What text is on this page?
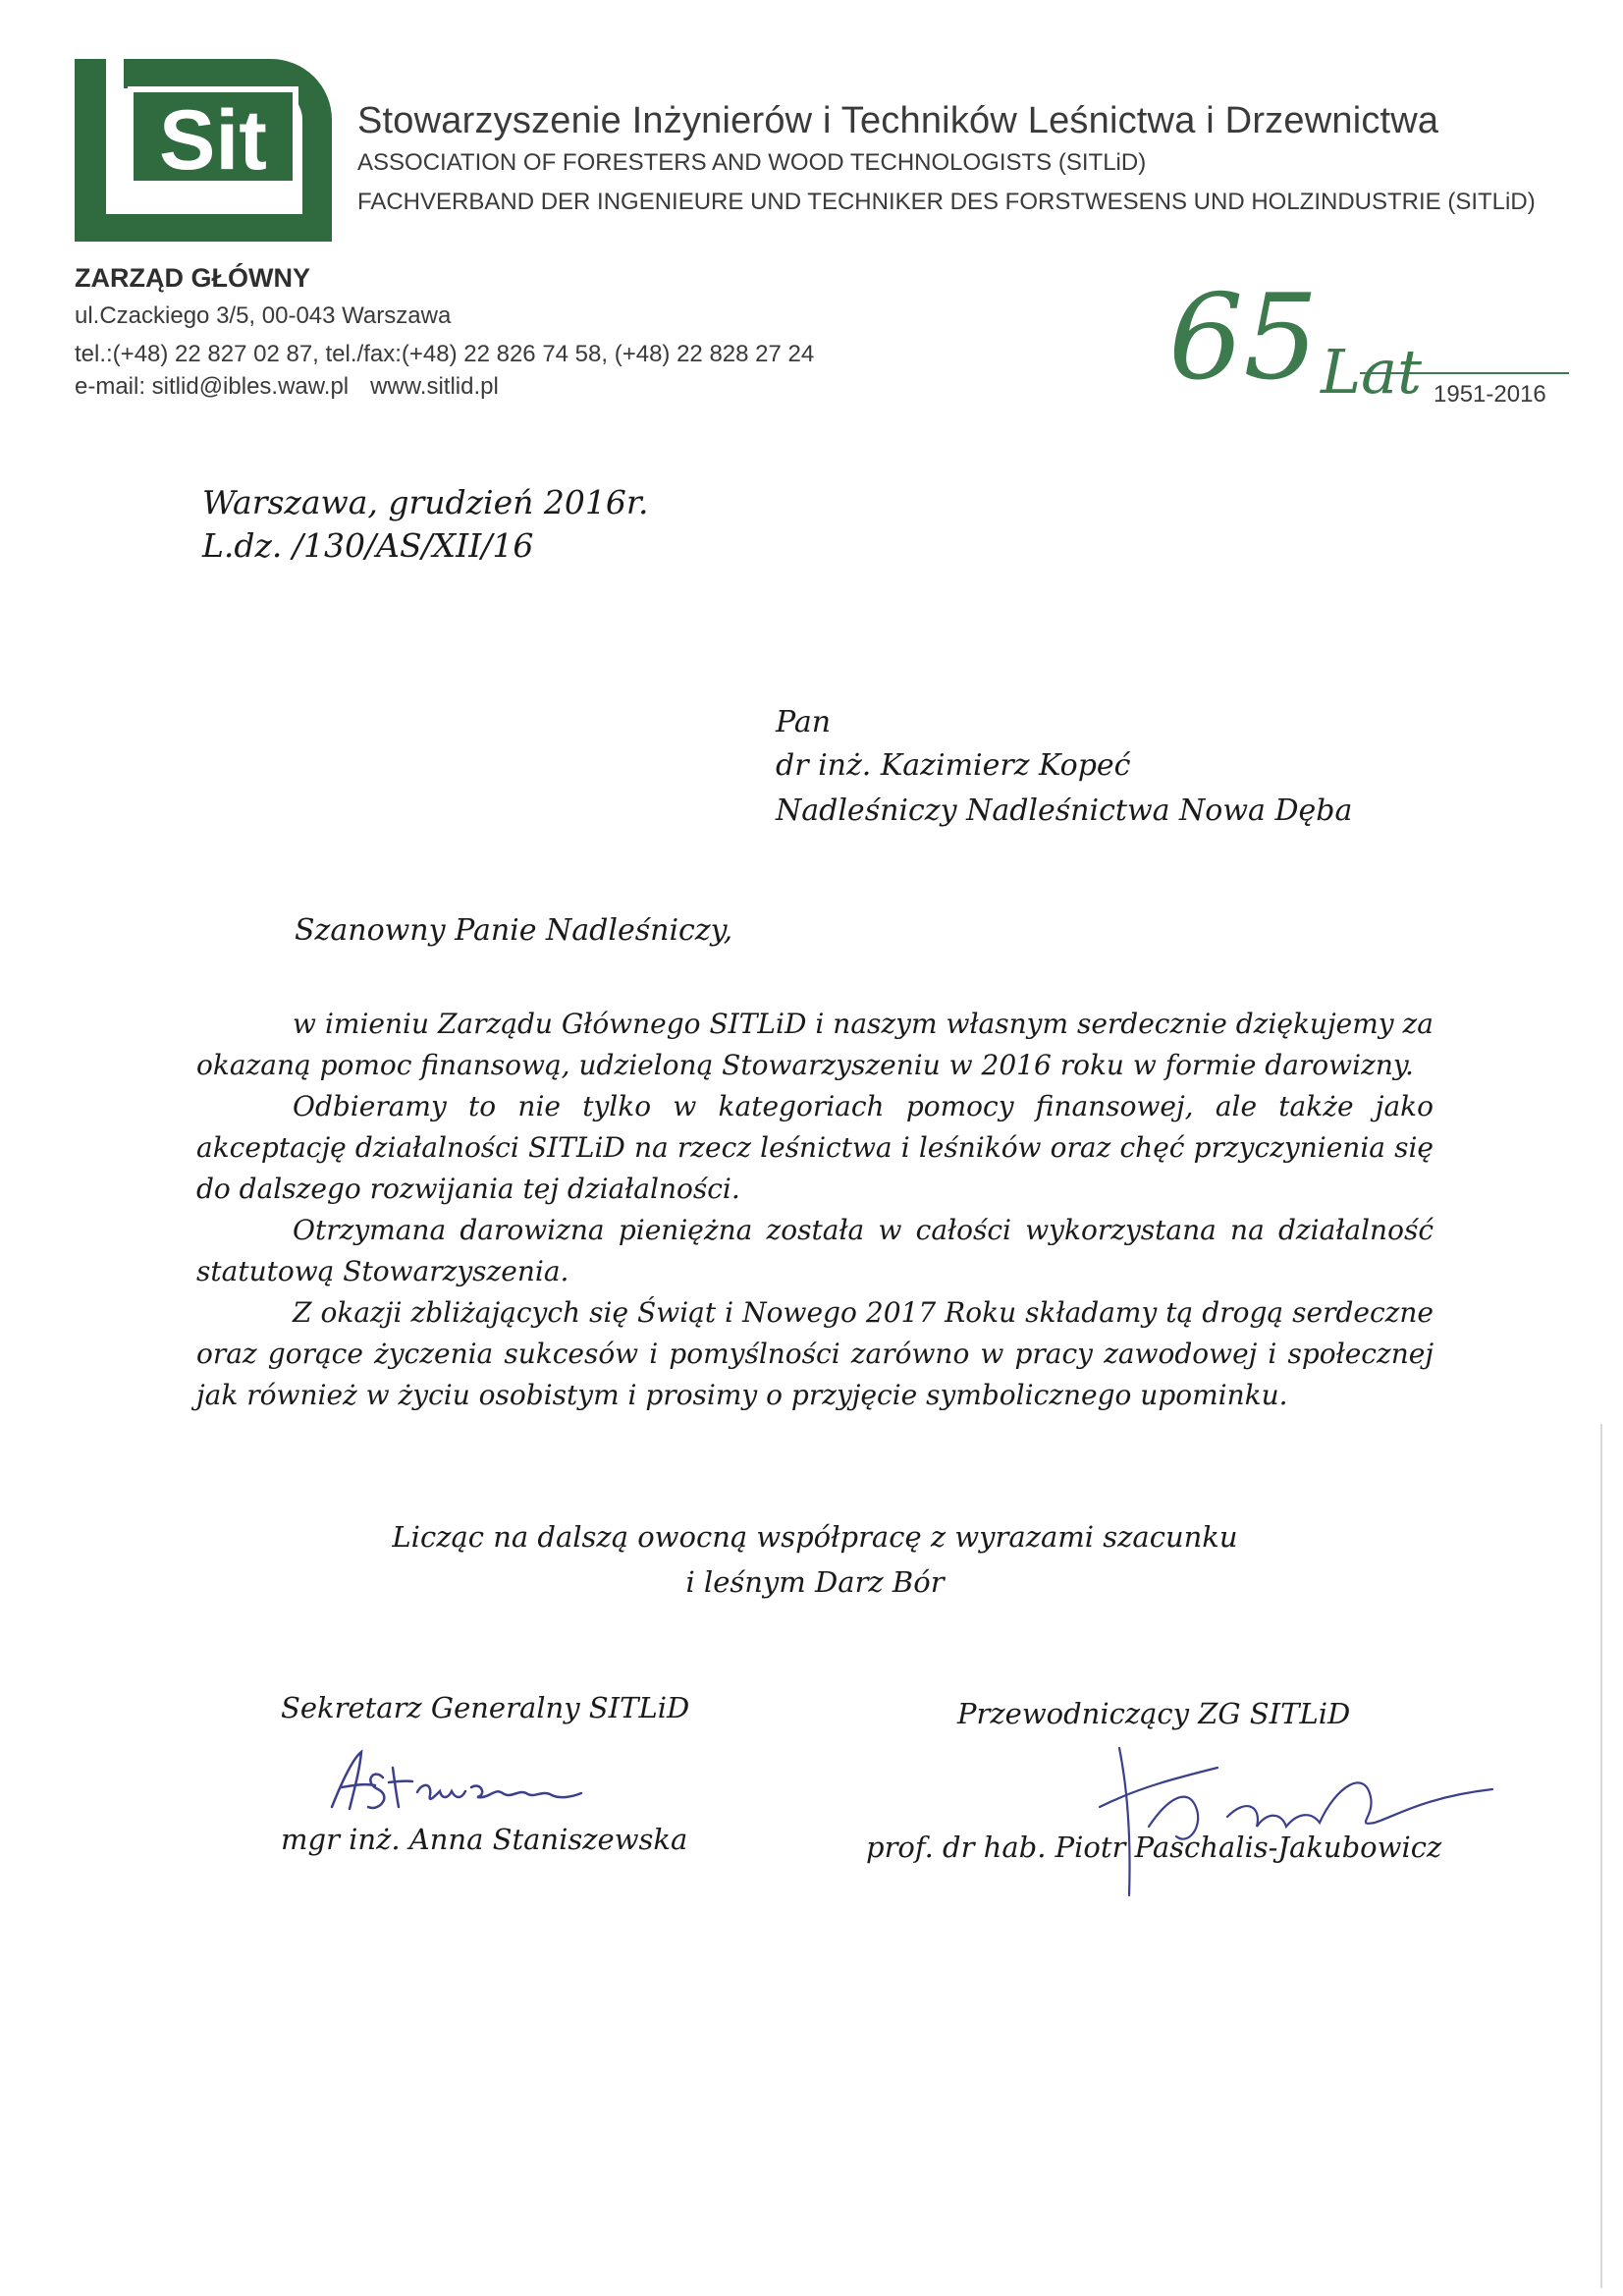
Sit Stowarzyszenie Inżynierów i Techników Leśnictwa i Drzewnictwa
ASSOCIATION OF FORESTERS AND WOOD TECHNOLOGISTS (SITLiD)
FACHVERBAND DER INGENIEURE UND TECHNIKER DES FORSTWESENS UND HOLZINDUSTRIE (SITLiD)
ZARZĄD GŁÓWNY
ul.Czackiego 3/5, 00-043 Warszawa
tel.:(+48) 22 827 02 87, tel./fax:(+48) 22 826 74 58, (+48) 22 828 27 24
e-mail: sitlid@ibles.waw.pl www.sitlid.pl	65 Lat 1951-2016
Warszawa, grudzień 2016r.
L.dz. /130/AS/XII/16
Pan
dr inż. Kazimierz Kopeć
Nadleśniczy Nadleśnictwa Nowa Dęba
Szanowny Panie Nadleśniczy,
w imieniu Zarządu Głównego SITLiD i naszym własnym serdecznie dziękujemy za okazaną pomoc finansową, udzieloną Stowarzyszeniu w 2016 roku w formie darowizny.
Odbieramy to nie tylko w kategoriach pomocy finansowej, ale także jako akceptację działalności SITLiD na rzecz leśnictwa i leśników oraz chęć przyczynienia się do dalszego rozwijania tej działalności.
Otrzymana darowizna pieniężna została w całości wykorzystana na działalność statutową Stowarzyszenia.
Z okazji zbliżających się Świąt i Nowego 2017 Roku składamy tą drogą serdeczne oraz gorące życzenia sukcesów i pomyślności zarówno w pracy zawodowej i społecznej jak również w życiu osobistym i prosimy o przyjęcie symbolicznego upominku.
Licząc na dalszą owocną współpracę z wyrazami szacunku
i leśnym Darz Bór
Sekretarz Generalny SITLiD
mgr inż. Anna Staniszewska
Przewodniczący ZG SITLiD
prof. dr hab. Piotr Paschalis-Jakubowicz
